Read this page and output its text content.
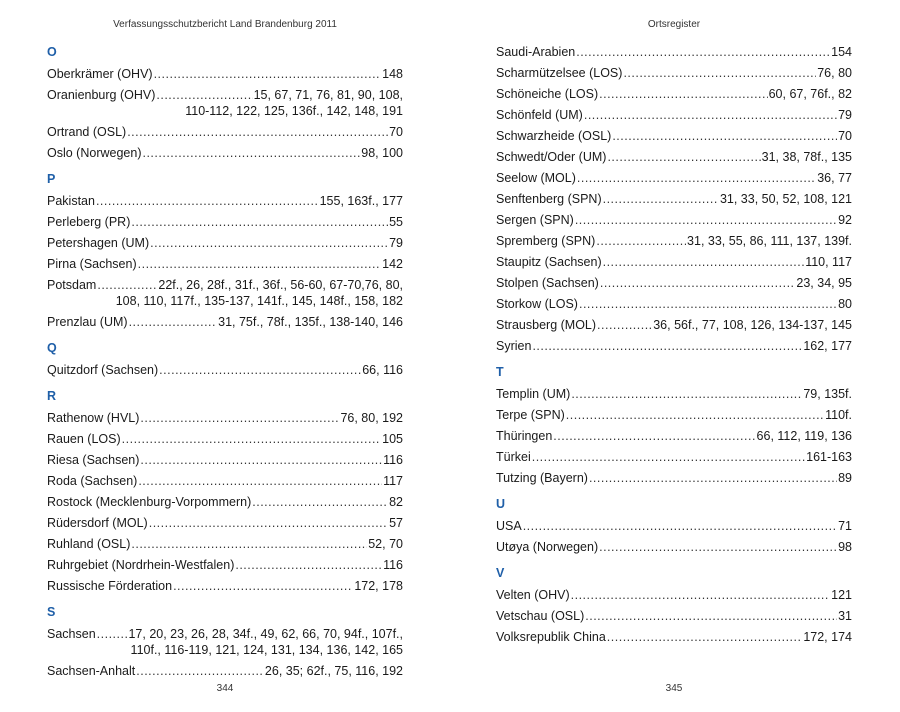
Verfassungsschutzbericht Land Brandenburg 2011
O
Oberkrämer (OHV) .....	148
Oranienburg (OHV) .....	15, 67, 71, 76, 81, 90, 108,
110-112, 122, 125, 136f., 142, 148, 191
Ortrand (OSL) .....	70
Oslo (Norwegen) .....	98, 100
P
Pakistan .....	155, 163f., 177
Perleberg (PR) .....	55
Petershagen (UM) .....	79
Pirna (Sachsen) .....	142
Potsdam .....	22f., 26, 28f., 31f., 36f., 56-60, 67-70,76, 80,
108, 110, 117f., 135-137, 141f., 145, 148f., 158, 182
Prenzlau (UM) .....	31, 75f., 78f., 135f., 138-140, 146
Q
Quitzdorf (Sachsen) .....	66, 116
R
Rathenow (HVL) .....	76, 80, 192
Rauen (LOS) .....	105
Riesa (Sachsen) .....	116
Roda (Sachsen) .....	117
Rostock (Mecklenburg-Vorpommern) .....	82
Rüdersdorf (MOL) .....	57
Ruhland (OSL) .....	52, 70
Ruhrgebiet (Nordrhein-Westfalen) .....	116
Russische Förderation .....	172, 178
S
Sachsen .....	17, 20, 23, 26, 28, 34f., 49, 62, 66, 70, 94f., 107f.,
110f., 116-119, 121, 124, 131, 134, 136, 142, 165
Sachsen-Anhalt .....	26, 35; 62f., 75, 116, 192
344
Ortsregister
Saudi-Arabien .....	154
Scharmützelsee (LOS) .....	76, 80
Schöneiche (LOS) .....	60, 67, 76f., 82
Schönfeld (UM) .....	79
Schwarzheide (OSL) .....	70
Schwedt/Oder (UM) .....	31, 38, 78f., 135
Seelow (MOL) .....	36, 77
Senftenberg (SPN) .....	31, 33, 50, 52, 108, 121
Sergen (SPN) .....	92
Spremberg (SPN) .....	31, 33, 55, 86, 111, 137, 139f.
Staupitz (Sachsen) .....	110, 117
Stolpen (Sachsen) .....	23, 34, 95
Storkow (LOS) .....	80
Strausberg (MOL) .....	36, 56f., 77, 108, 126, 134-137, 145
Syrien .....	162, 177
T
Templin (UM) .....	79, 135f.
Terpe (SPN) .....	110f.
Thüringen .....	66, 112, 119, 136
Türkei .....	161-163
Tutzing (Bayern) .....	89
U
USA .....	71
Utøya (Norwegen) .....	98
V
Velten (OHV) .....	121
Vetschau (OSL) .....	31
Volksrepublik China .....	172, 174
345
